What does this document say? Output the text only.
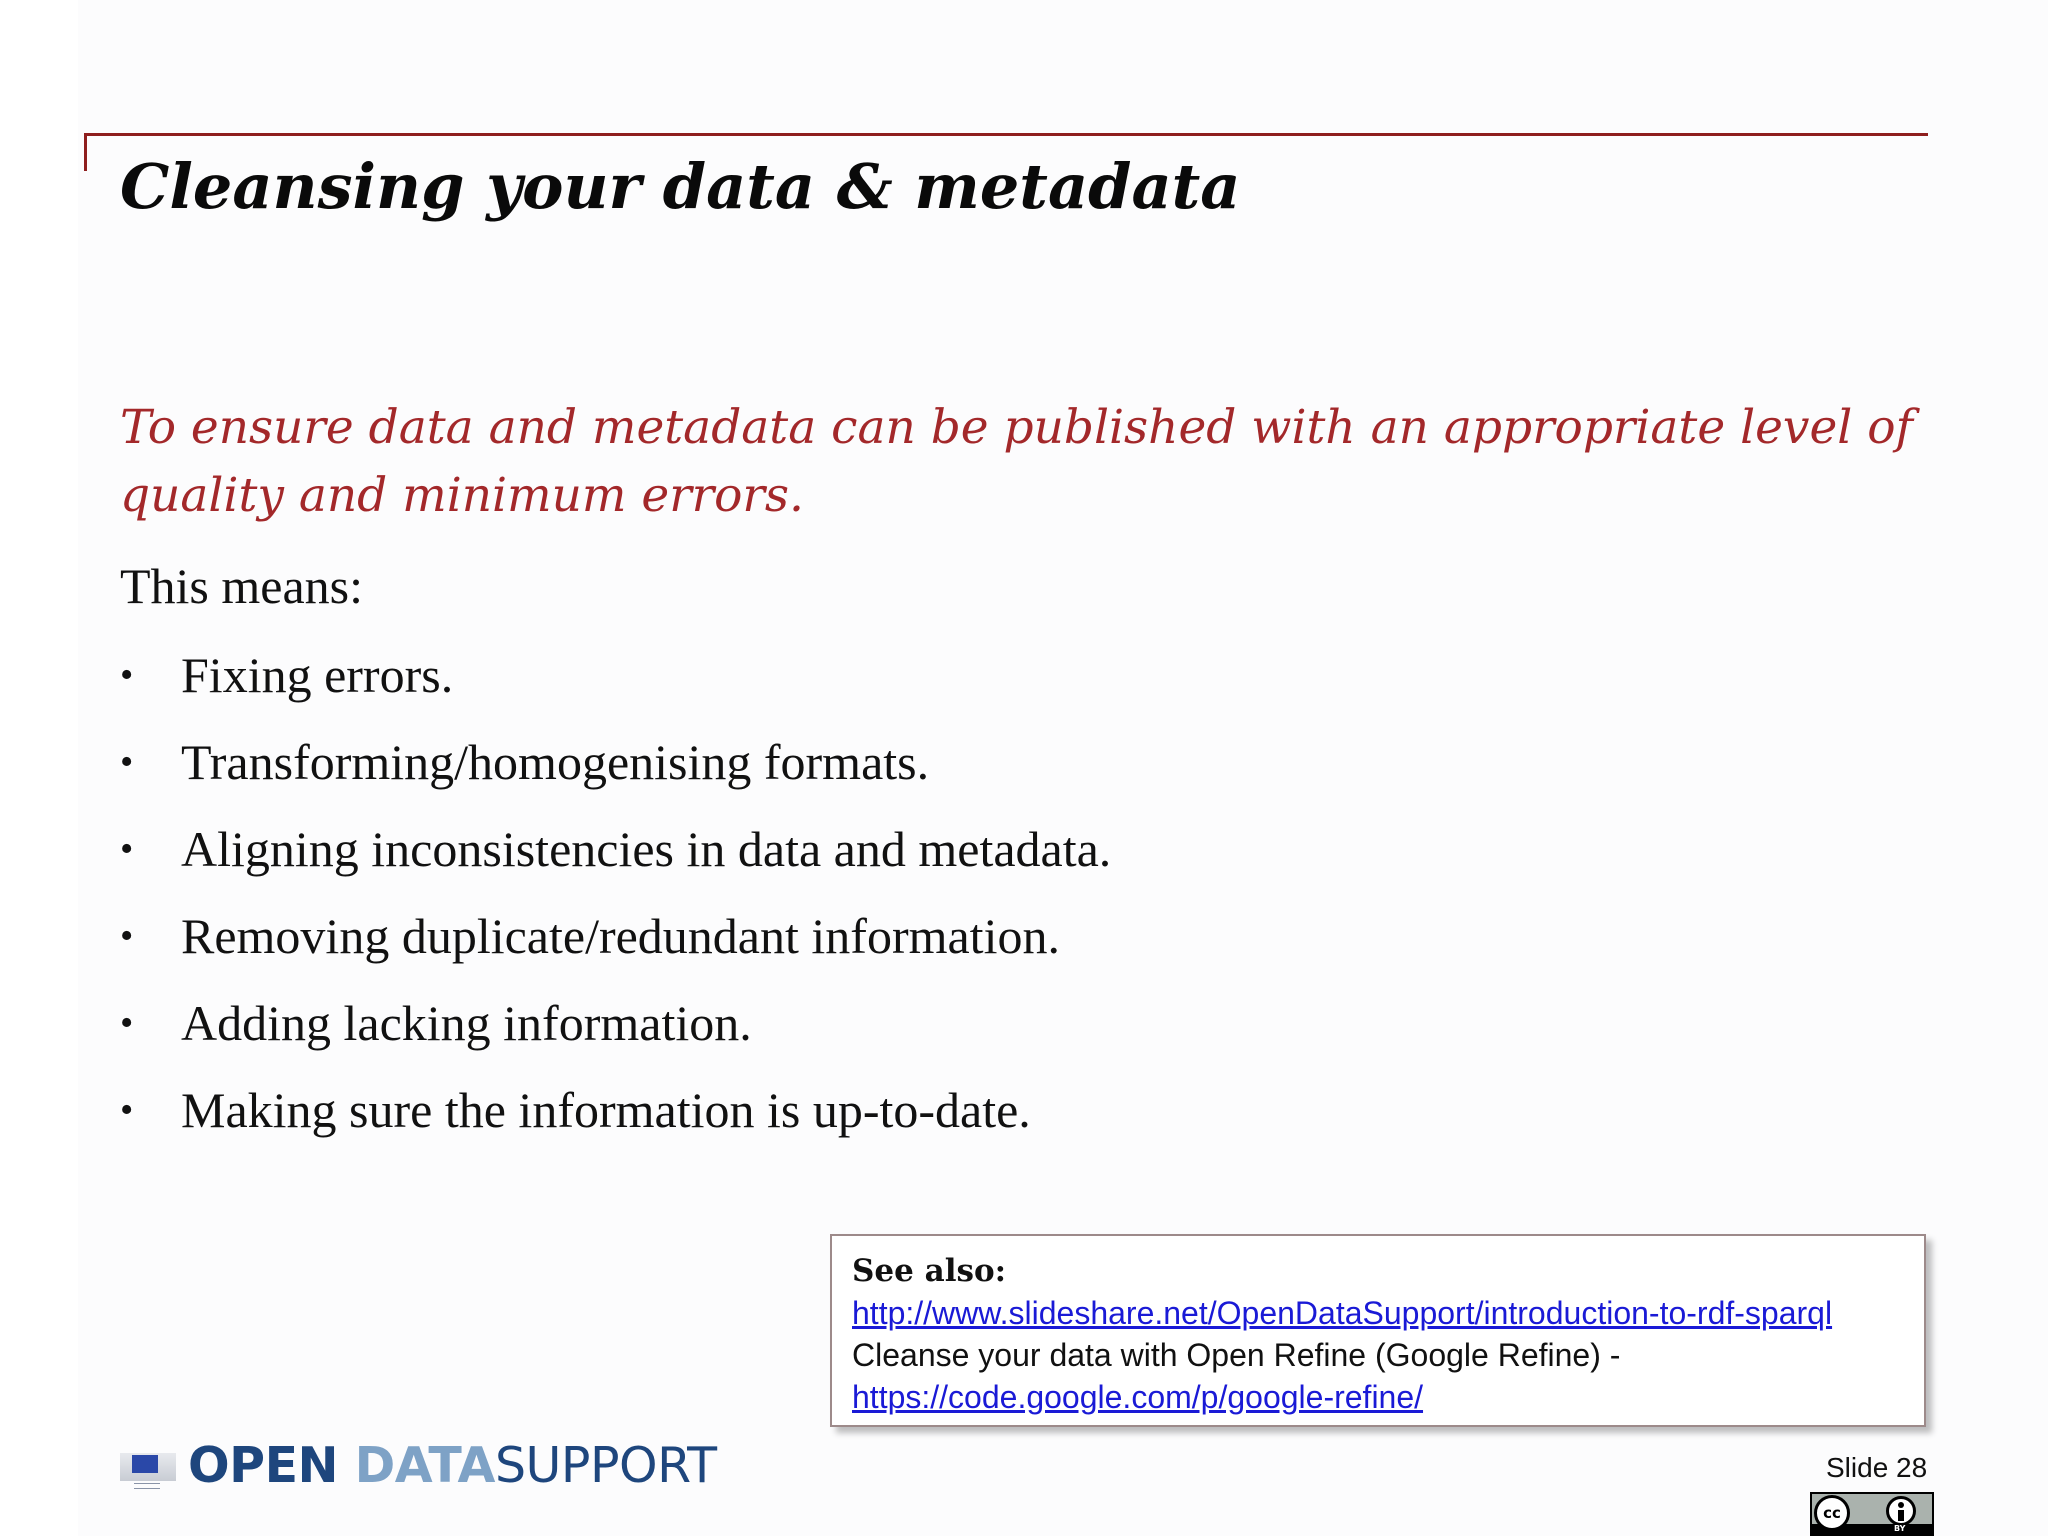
Cleansing your data & metadata

To ensure data and metadata can be published with an appropriate level of quality and minimum errors.

This means:

• Fixing errors.
• Transforming/homogenising formats.
• Aligning inconsistencies in data and metadata.
• Removing duplicate/redundant information.
• Adding lacking information.
• Making sure the information is up-to-date.
See also:
http://www.slideshare.net/OpenDataSupport/introduction-to-rdf-sparql
Cleanse your data with Open Refine (Google Refine) -
https://code.google.com/p/google-refine/
OPEN DATASUPPORT	Slide 28
cc
BY
